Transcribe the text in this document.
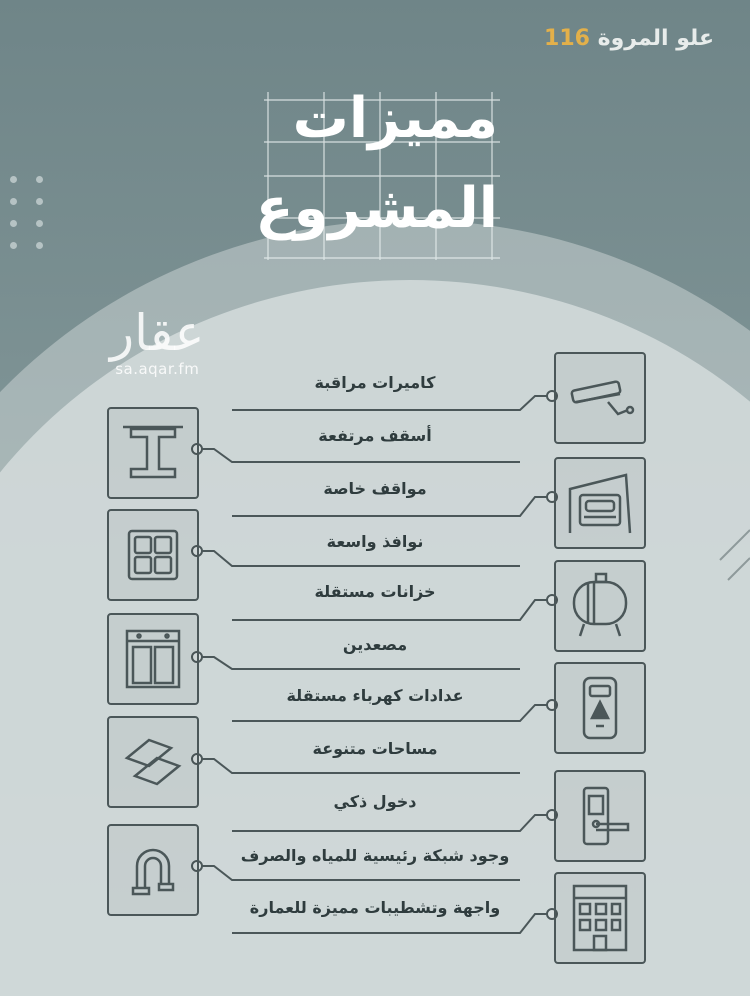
علو المروة 116
مميزات
المشروع
عقار
sa.aqar.fm
كاميرات مراقبة
أسقف مرتفعة
مواقف خاصة
نوافذ واسعة
خزانات مستقلة
مصعدين
عدادات كهرباء مستقلة
مساحات متنوعة
دخول ذكي
وجود شبكة رئيسية للمياه والصرف
واجهة وتشطيبات مميزة للعمارة
